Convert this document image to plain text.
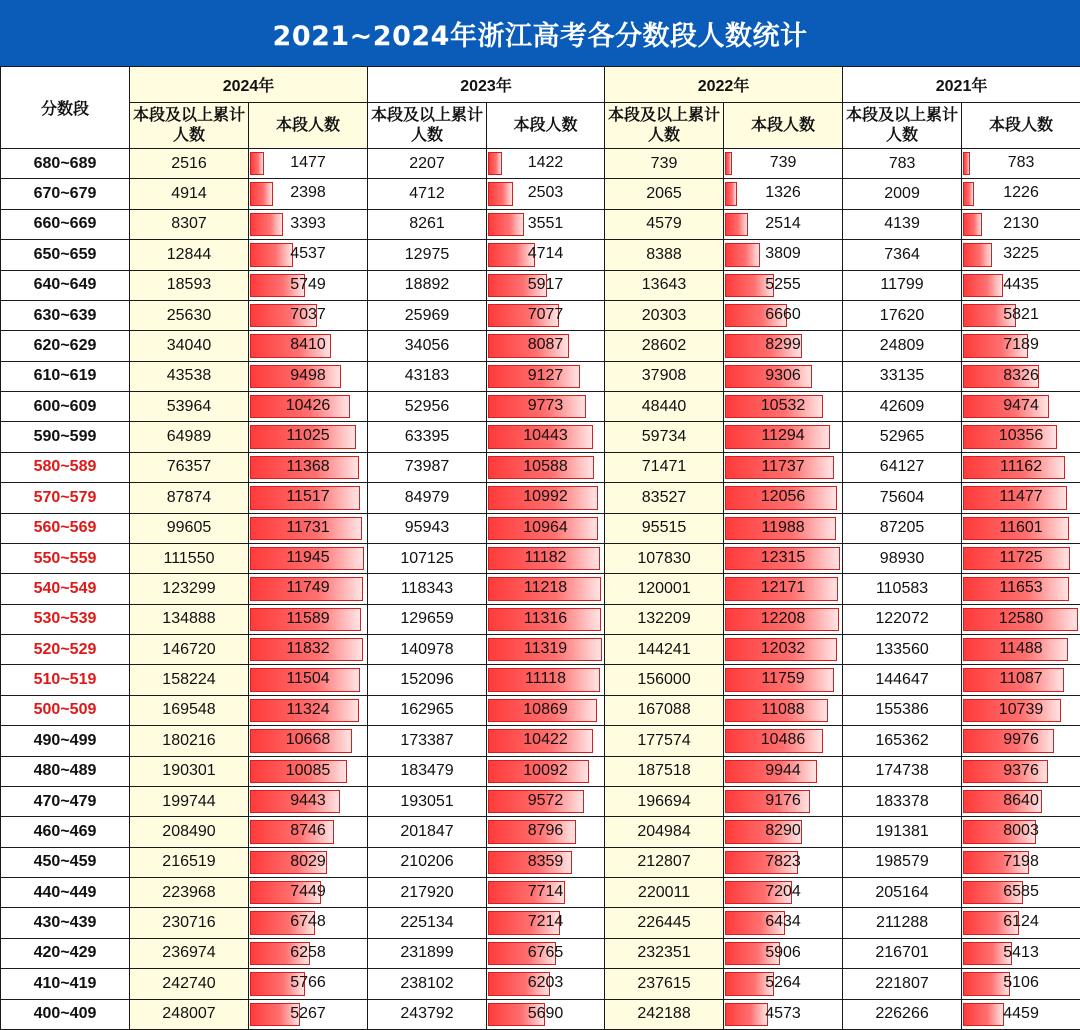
2021~2024年浙江高考各分数段人数统计
分数段	2024年		2023年		2022年		2021年	
	本段及以上累计人数	本段人数	本段及以上累计人数	本段人数	本段及以上累计人数	本段人数	本段及以上累计人数	本段人数
680~689	2516	1477	2207	1422	739	739	783	783

670~679	4914	2398	4712	2503	2065	1326	2009	1226

660~669	8307	3393	8261	3551	4579	2514	4139	2130

650~659	12844	4537	12975	4714	8388	3809	7364	3225

640~649	18593	5749	18892	5917	13643	5255	11799	4435

630~639	25630	7037	25969	7077	20303	6660	17620	5821

620~629	34040	8410	34056	8087	28602	8299	24809	7189

610~619	43538	9498	43183	9127	37908	9306	33135	8326

600~609	53964	10426	52956	9773	48440	10532	42609	9474

590~599	64989	11025	63395	10443	59734	11294	52965	10356

580~589	76357	11368	73987	10588	71471	11737	64127	11162

570~579	87874	11517	84979	10992	83527	12056	75604	11477

560~569	99605	11731	95943	10964	95515	11988	87205	11601

550~559	111550	11945	107125	11182	107830	12315	98930	11725

540~549	123299	11749	118343	11218	120001	12171	110583	11653

530~539	134888	11589	129659	11316	132209	12208	122072	12580

520~529	146720	11832	140978	11319	144241	12032	133560	11488

510~519	158224	11504	152096	11118	156000	11759	144647	11087

500~509	169548	11324	162965	10869	167088	11088	155386	10739

490~499	180216	10668	173387	10422	177574	10486	165362	9976

480~489	190301	10085	183479	10092	187518	9944	174738	9376

470~479	199744	9443	193051	9572	196694	9176	183378	8640

460~469	208490	8746	201847	8796	204984	8290	191381	8003

450~459	216519	8029	210206	8359	212807	7823	198579	7198

440~449	223968	7449	217920	7714	220011	7204	205164	6585

430~439	230716	6748	225134	7214	226445	6434	211288	6124

420~429	236974	6258	231899	6765	232351	5906	216701	5413

410~419	242740	5766	238102	6203	237615	5264	221807	5106

400~409	248007	5267	243792	5690	242188	4573	226266	4459
